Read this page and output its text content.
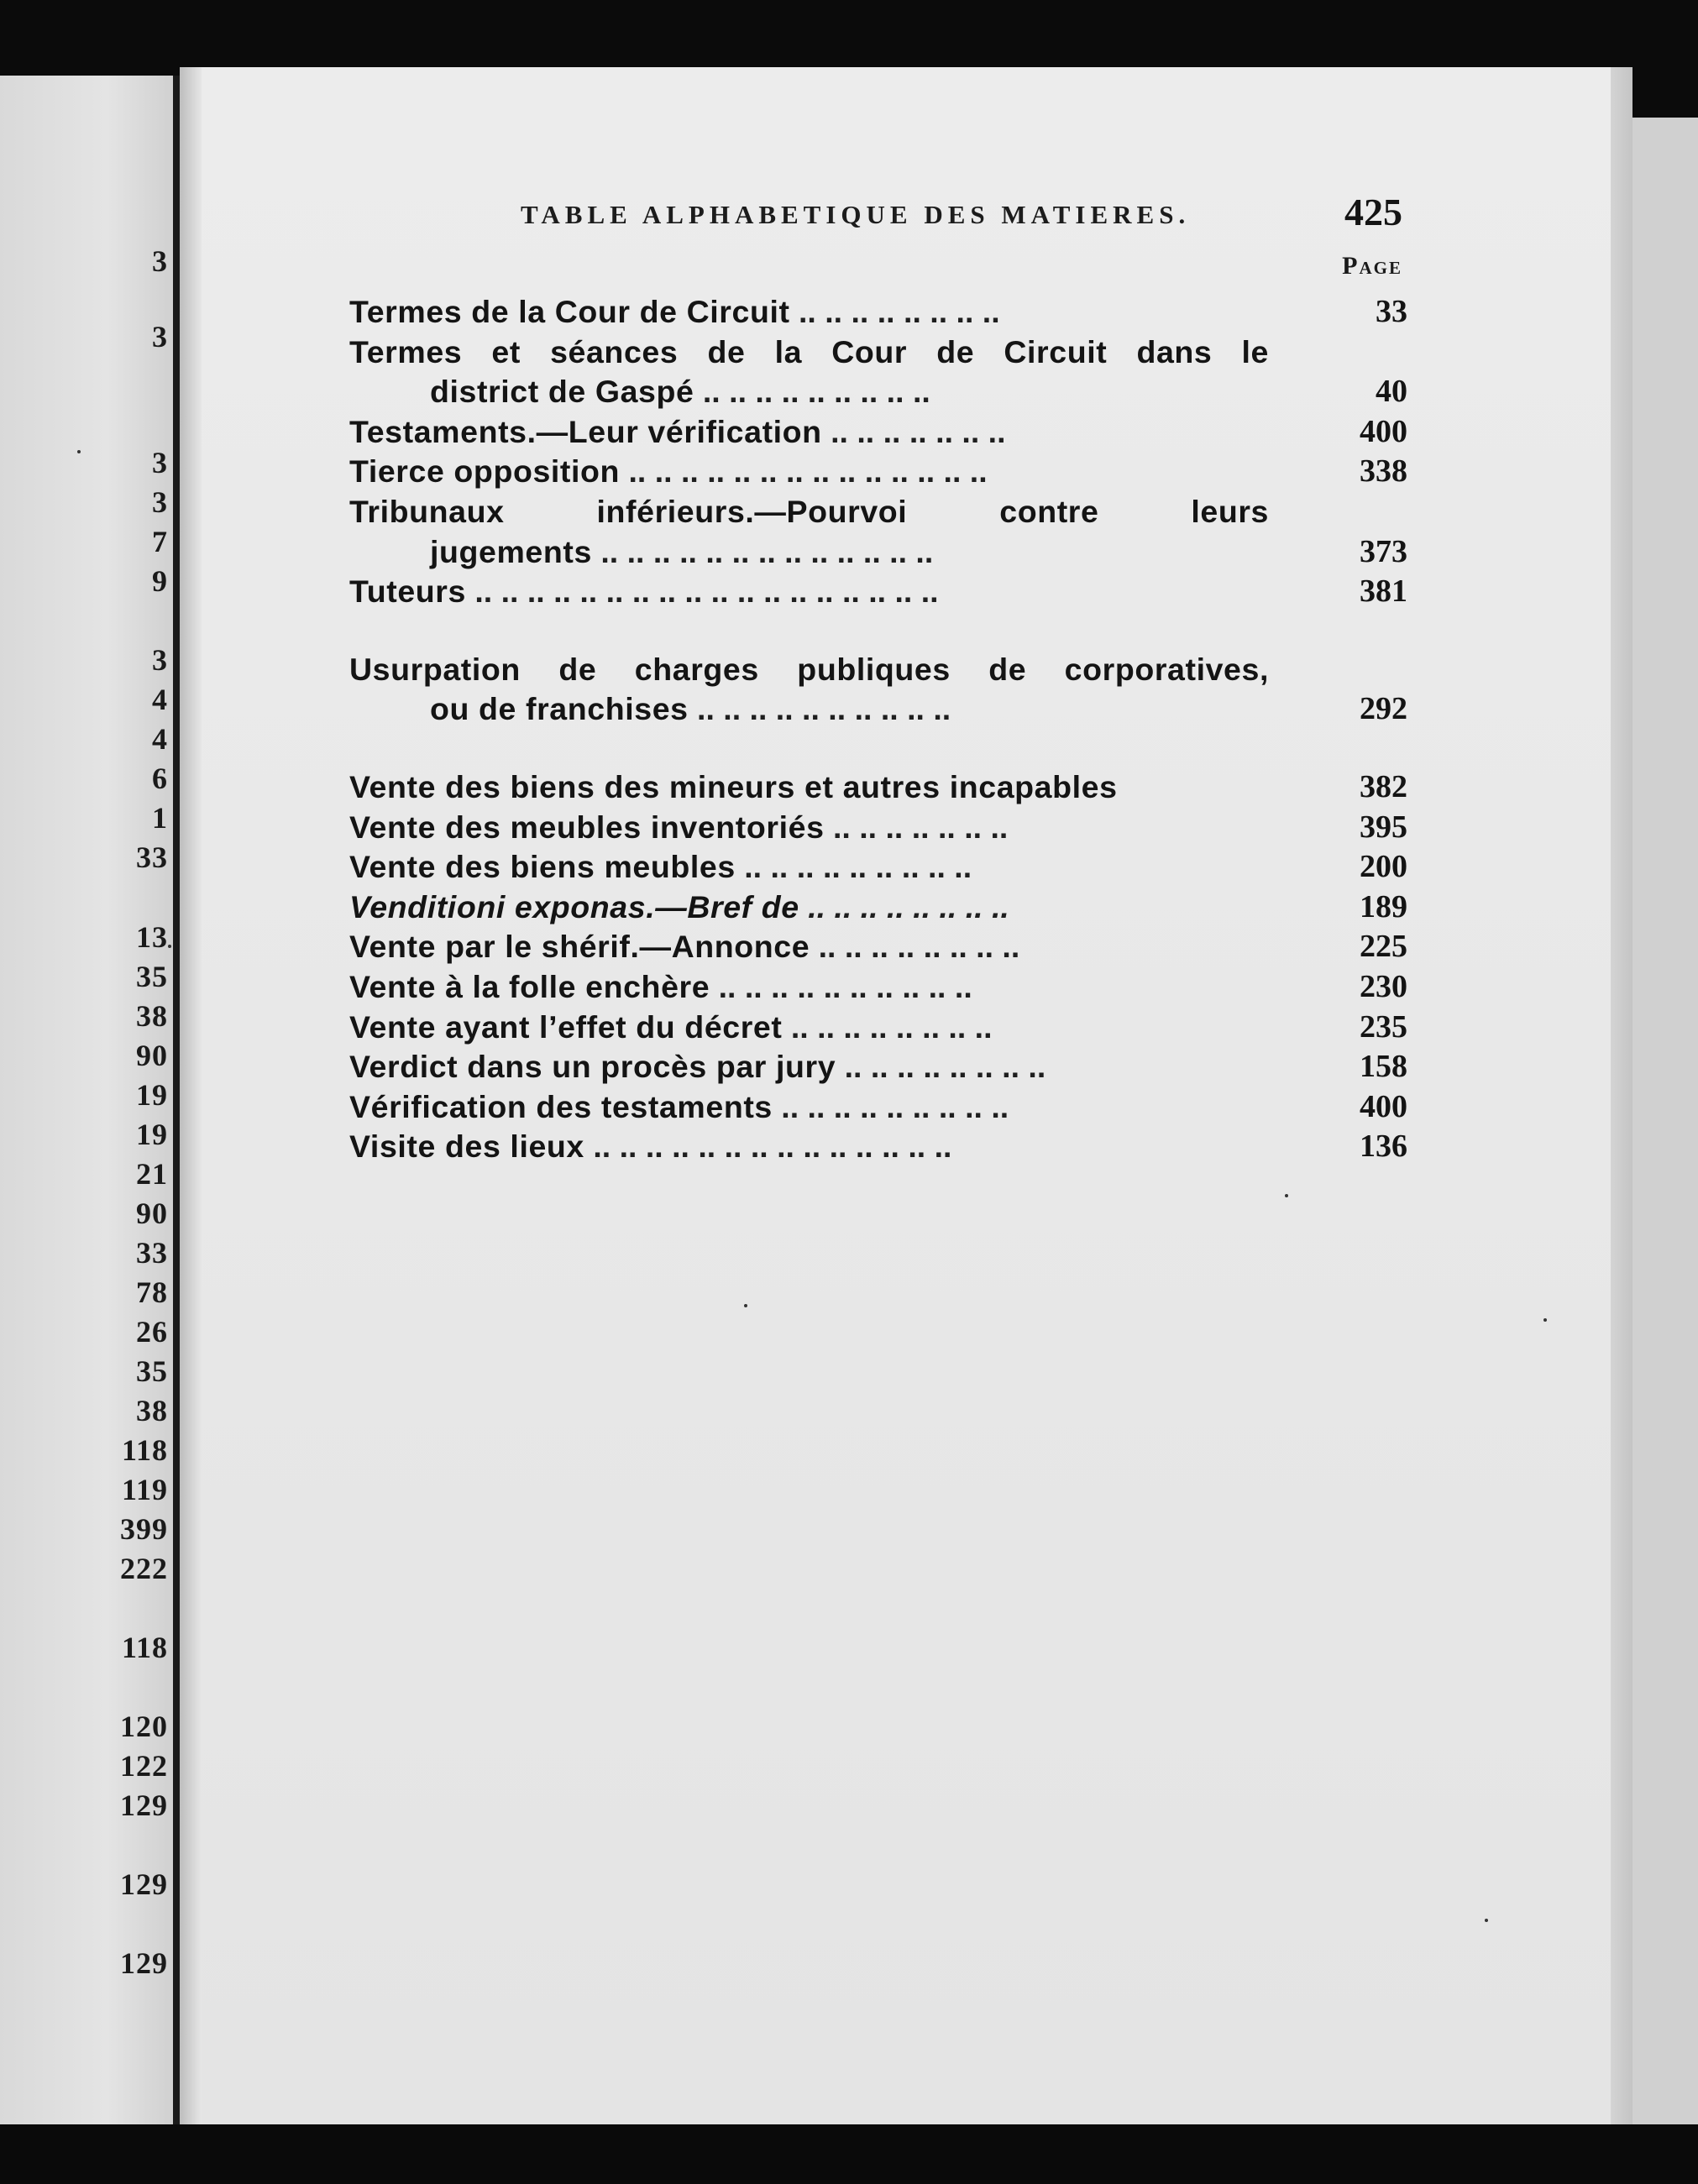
3
3
3
3
7
9
3
4
4
6
1
33
13
35
38
90
19
19
21
90
33
78
26
35
38
118
119
399
222
118
120
122
129
129
129
TABLE ALPHABETIQUE DES MATIERES.	425
Page
Termes de la Cour de Circuit .. .. .. .. .. .. .. ..	33
Termes et séances de la Cour de Circuit dans le
district de Gaspé .. .. .. .. .. .. .. .. ..	40
Testaments.—Leur vérification .. .. .. .. .. .. ..	400
Tierce opposition .. .. .. .. .. .. .. .. .. .. .. .. .. ..	338
Tribunaux inférieurs.—Pourvoi contre leurs
jugements .. .. .. .. .. .. .. .. .. .. .. .. ..	373
Tuteurs .. .. .. .. .. .. .. .. .. .. .. .. .. .. .. .. .. ..	381
Usurpation de charges publiques de corporatives,
ou de franchises .. .. .. .. .. .. .. .. .. ..	292
Vente des biens des mineurs et autres incapables	382
Vente des meubles inventoriés .. .. .. .. .. .. ..	395
Vente des biens meubles .. .. .. .. .. .. .. .. ..	200
Venditioni exponas.—Bref de .. .. .. .. .. .. .. ..	189
Vente par le shérif.—Annonce .. .. .. .. .. .. .. ..	225
Vente à la folle enchère .. .. .. .. .. .. .. .. .. ..	230
Vente ayant l’effet du décret .. .. .. .. .. .. .. ..	235
Verdict dans un procès par jury .. .. .. .. .. .. .. ..	158
Vérification des testaments .. .. .. .. .. .. .. .. ..	400
Visite des lieux .. .. .. .. .. .. .. .. .. .. .. .. .. ..	136
